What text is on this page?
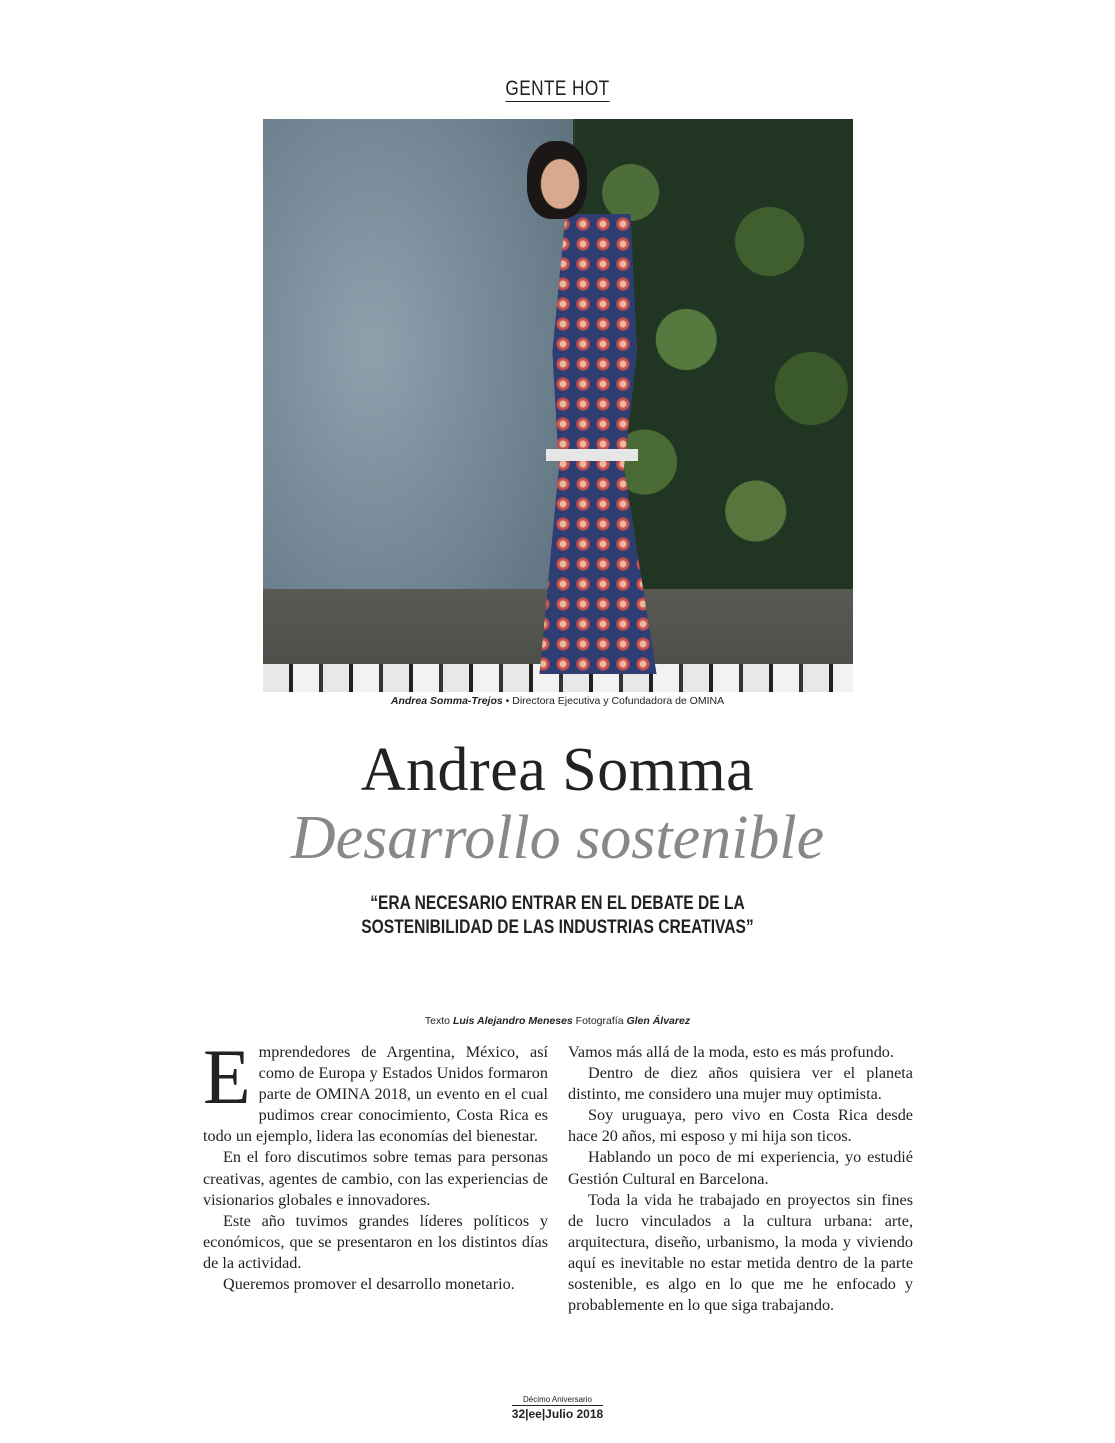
GENTE HOT
Andrea Somma-Trejos • Directora Ejecutiva y Cofundadora de OMINA
Andrea Somma
Desarrollo sostenible
“ERA NECESARIO ENTRAR EN EL DEBATE DE LA
SOSTENIBILIDAD DE LAS INDUSTRIAS CREATIVAS”
Texto Luis Alejandro Meneses Fotografía Glen Álvarez

Emprendedores de Argentina, México, así como de Europa y Estados Unidos formaron parte de OMINA 2018, un evento en el cual pudimos crear conocimiento, Costa Rica es todo un ejemplo, lidera las economías del bienestar.

En el foro discutimos sobre temas para personas creativas, agentes de cambio, con las experiencias de visionarios globales e innovadores.

Este año tuvimos grandes líderes políticos y económicos, que se presentaron en los distintos días de la actividad.

Queremos promover el desarrollo monetario.

Vamos más allá de la moda, esto es más profundo.

Dentro de diez años quisiera ver el planeta distinto, me considero una mujer muy optimista.

Soy uruguaya, pero vivo en Costa Rica desde hace 20 años, mi esposo y mi hija son ticos.

Hablando un poco de mi experiencia, yo estudié Gestión Cultural en Barcelona.

Toda la vida he trabajado en proyectos sin fines de lucro vinculados a la cultura urbana: arte, arquitectura, diseño, urbanismo, la moda y viviendo aquí es inevitable no estar metida dentro de la parte sostenible, es algo en lo que me he enfocado y probablemente en lo que siga trabajando.

Décimo Aniversario
32|ee|Julio 2018
